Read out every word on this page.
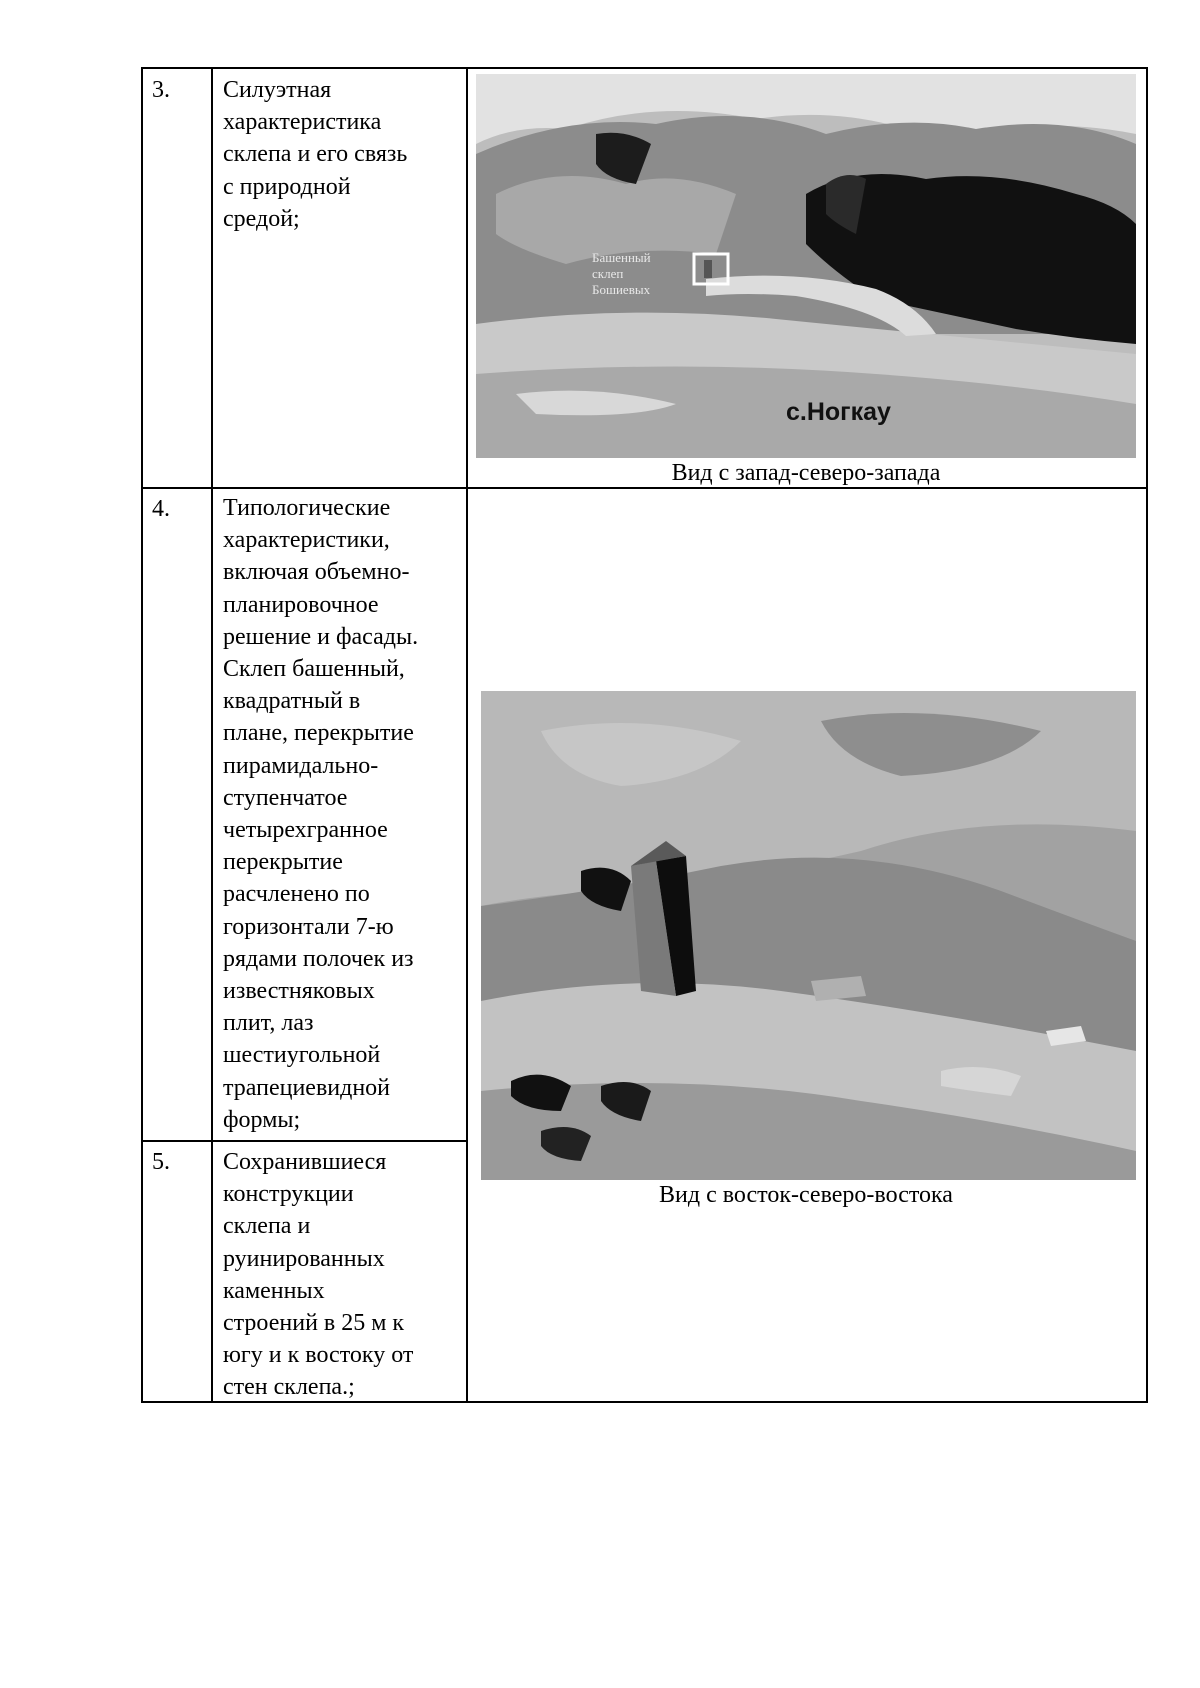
3. Силуэтная
характеристика
склепа и его связь
с природной
средой;
4. Типологические
характеристики,
включая объемно-
планировочное
решение и фасады.
Склеп башенный,
квадратный в
плане, перекрытие
пирамидально-
ступенчатое
четырехгранное
перекрытие
расчленено по
горизонтали 7-ю
рядами полочек из
известняковых
плит, лаз
шестиугольной
трапециевидной
формы;
5. Сохранившиеся
конструкции
склепа и
руинированных
каменных
строений в 25 м к
югу и к востоку от
стен склепа.;
Башенный
склеп
Бошиевых
с.Ногкау
Вид с запад-северо-запада
Вид с восток-северо-востока
